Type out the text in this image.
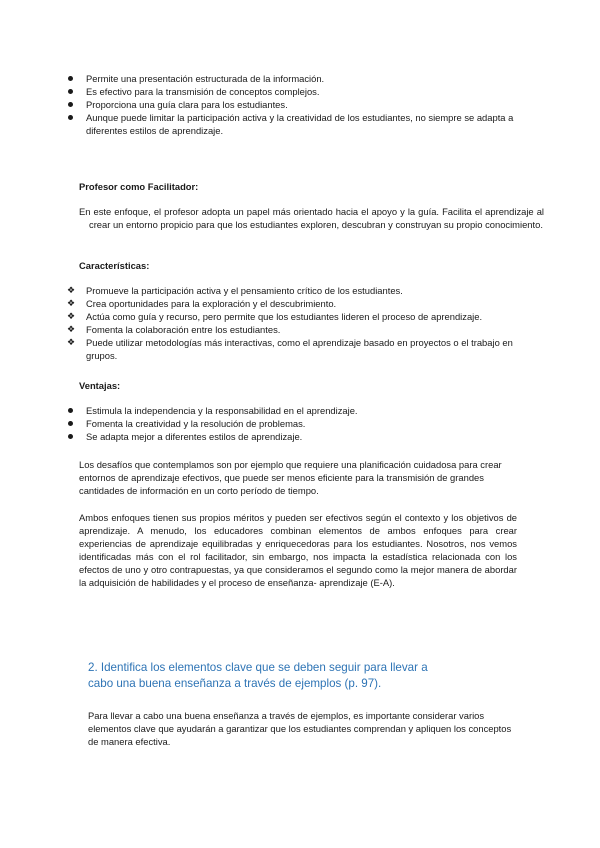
Permite una presentación estructurada de la información.
Es efectivo para la transmisión de conceptos complejos.
Proporciona una guía clara para los estudiantes.
Aunque puede limitar la participación activa y la creatividad de los estudiantes, no siempre se adapta a diferentes estilos de aprendizaje.
Profesor como Facilitador:
En este enfoque, el profesor adopta un papel más orientado hacia el apoyo y la guía. Facilita el aprendizaje al crear un entorno propicio para que los estudiantes exploren, descubran y construyan su propio conocimiento.
Características:
❖ Promueve la participación activa y el pensamiento crítico de los estudiantes.
❖ Crea oportunidades para la exploración y el descubrimiento.
❖ Actúa como guía y recurso, pero permite que los estudiantes lideren el proceso de aprendizaje.
❖ Fomenta la colaboración entre los estudiantes.
❖ Puede utilizar metodologías más interactivas, como el aprendizaje basado en proyectos o el trabajo en grupos.
Ventajas:
Estimula la independencia y la responsabilidad en el aprendizaje.
Fomenta la creatividad y la resolución de problemas.
Se adapta mejor a diferentes estilos de aprendizaje.
Los desafíos que contemplamos son por ejemplo que requiere una planificación cuidadosa para crear entornos de aprendizaje efectivos, que puede ser menos eficiente para la transmisión de grandes cantidades de información en un corto período de tiempo.
Ambos enfoques tienen sus propios méritos y pueden ser efectivos según el contexto y los objetivos de aprendizaje. A menudo, los educadores combinan elementos de ambos enfoques para crear experiencias de aprendizaje equilibradas y enriquecedoras para los estudiantes. Nosotros, nos vemos identificadas más con el rol facilitador, sin embargo, nos impacta la estadística relacionada con los efectos de uno y otro contrapuestas, ya que consideramos el segundo como la mejor manera de abordar la adquisición de habilidades y el proceso de enseñanza- aprendizaje (E-A).
2. Identifica los elementos clave que se deben seguir para llevar a cabo una buena enseñanza a través de ejemplos (p. 97).
Para llevar a cabo una buena enseñanza a través de ejemplos, es importante considerar varios elementos clave que ayudarán a garantizar que los estudiantes comprendan y apliquen los conceptos de manera efectiva.
